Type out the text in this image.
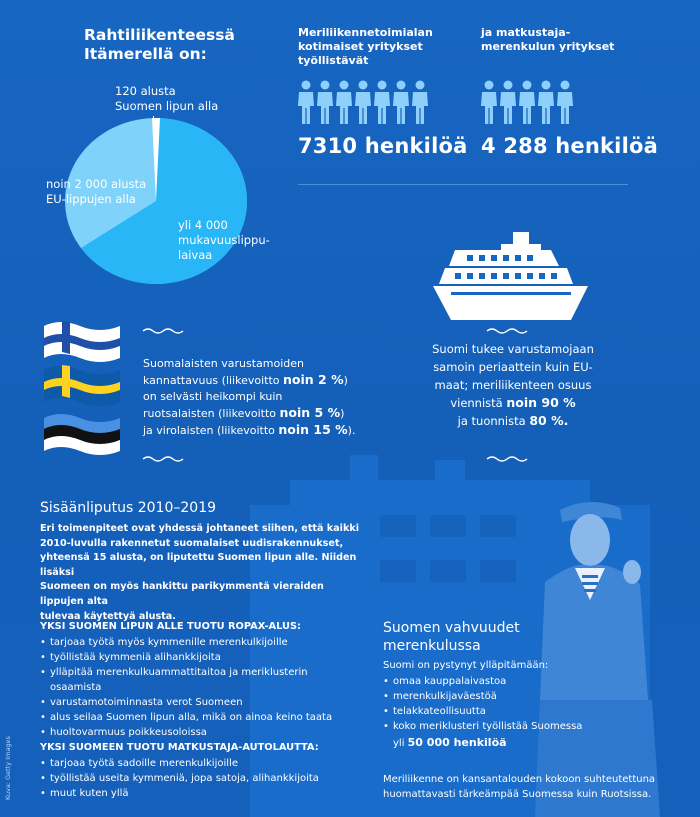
Rahtiliikenteessä
Itämerellä on:
120 alusta
Suomen lipun alla
noin 2 000 alusta
EU-lippujen alla
yli 4 000
mukavuuslippu-
laivaa
Meriliikennetoimialan
kotimaiset yritykset
työllistävät
7310 henkilöä
ja matkustaja-
merenkulun yritykset
4 288 henkilöä
Suomalaisten varustamoiden
kannattavuus (liikevoitto noin 2 %)
on selvästi heikompi kuin
ruotsalaisten (liikevoitto noin 5 %)
ja virolaisten (liikevoitto noin 15 %).
Suomi tukee varustamojaan
samoin periaattein kuin EU-
maat; meriliikenteen osuus
viennistä noin 90 %
ja tuonnista 80 %.
Sisäänliputus 2010–2019
Eri toimenpiteet ovat yhdessä johtaneet siihen, että kaikki
2010-luvulla rakennetut suomalaiset uudisrakennukset,
yhteensä 15 alusta, on liputettu Suomen lipun alle. Niiden lisäksi
Suomeen on myös hankittu parikymmentä vieraiden lippujen alta
tulevaa käytettyä alusta.
YKSI SUOMEN LIPUN ALLE TUOTU ROPAX-ALUS:
• tarjoaa työtä myös kymmenille merenkulkijoille
• työllistää kymmeniä alihankkijoita
• ylläpitää merenkulkuammattitaitoa ja meriklusterin osaamista
• varustamotoiminnasta verot Suomeen
• alus seilaa Suomen lipun alla, mikä on ainoa keino taata
• huoltovarmuus poikkeusoloissa
YKSI SUOMEEN TUOTU MATKUSTAJA-AUTOLAUTTA:
• tarjoaa työtä sadoille merenkulkijoille
• työllistää useita kymmeniä, jopa satoja, alihankkijoita
• muut kuten yllä
Kuva: Getty Images
Suomen vahvuudet
merenkulussa
Suomi on pystynyt ylläpitämään:
• omaa kauppalaivastoa
• merenkulkijaväestöä
• telakkateollisuutta
• koko meriklusteri työllistää Suomessa
yli 50 000 henkilöä
Meriliikenne on kansantalouden kokoon suhteutettuna
huomattavasti tärkeämpää Suomessa kuin Ruotsissa.
